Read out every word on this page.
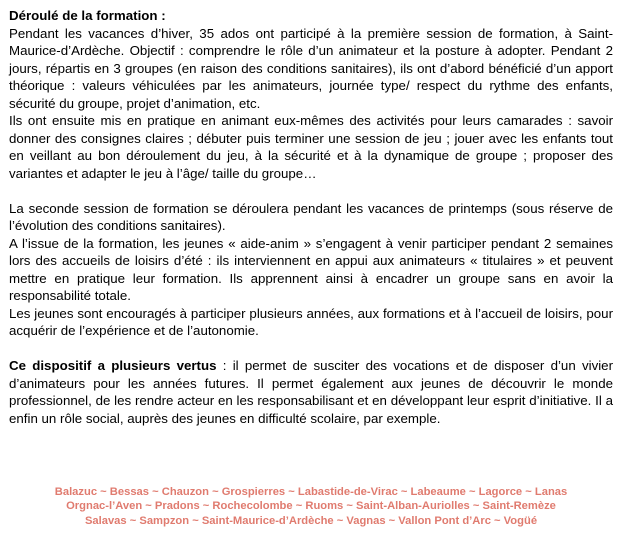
Déroulé de la formation :

Pendant les vacances d’hiver, 35 ados ont participé à la première session de formation, à Saint-Maurice-d’Ardèche. Objectif : comprendre le rôle d’un animateur et la posture à adopter. Pendant 2 jours, répartis en 3 groupes (en raison des conditions sanitaires), ils ont d’abord bénéficié d’un apport théorique : valeurs véhiculées par les animateurs, journée type/ respect du rythme des enfants, sécurité du groupe, projet d’animation, etc.

Ils ont ensuite mis en pratique en animant eux-mêmes des activités pour leurs camarades : savoir donner des consignes claires ; débuter puis terminer une session de jeu ; jouer avec les enfants tout en veillant au bon déroulement du jeu, à la sécurité et à la dynamique de groupe ; proposer des variantes et adapter le jeu à l’âge/ taille du groupe…

La seconde session de formation se déroulera pendant les vacances de printemps (sous réserve de l’évolution des conditions sanitaires).

A l’issue de la formation, les jeunes « aide-anim » s’engagent à venir participer pendant 2 semaines lors des accueils de loisirs d’été : ils interviennent en appui aux animateurs « titulaires » et peuvent mettre en pratique leur formation. Ils apprennent ainsi à encadrer un groupe sans en avoir la responsabilité totale.

Les jeunes sont encouragés à participer plusieurs années, aux formations et à l’accueil de loisirs, pour acquérir de l’expérience et de l’autonomie.

Ce dispositif a plusieurs vertus : il permet de susciter des vocations et de disposer d’un vivier d’animateurs pour les années futures. Il permet également aux jeunes de découvrir le monde professionnel, de les rendre acteur en les responsabilisant et en développant leur esprit d’initiative. Il a enfin un rôle social, auprès des jeunes en difficulté scolaire, par exemple.

Balazuc ~ Bessas ~ Chauzon ~ Grospierres ~ Labastide-de-Virac ~ Labeaume ~ Lagorce ~ Lanas
Orgnac-l’Aven ~ Pradons ~ Rochecolombe ~ Ruoms ~ Saint-Alban-Auriolles ~ Saint-Remèze
Salavas ~ Sampzon ~ Saint-Maurice-d’Ardèche ~ Vagnas ~ Vallon Pont d’Arc ~ Vogüé
